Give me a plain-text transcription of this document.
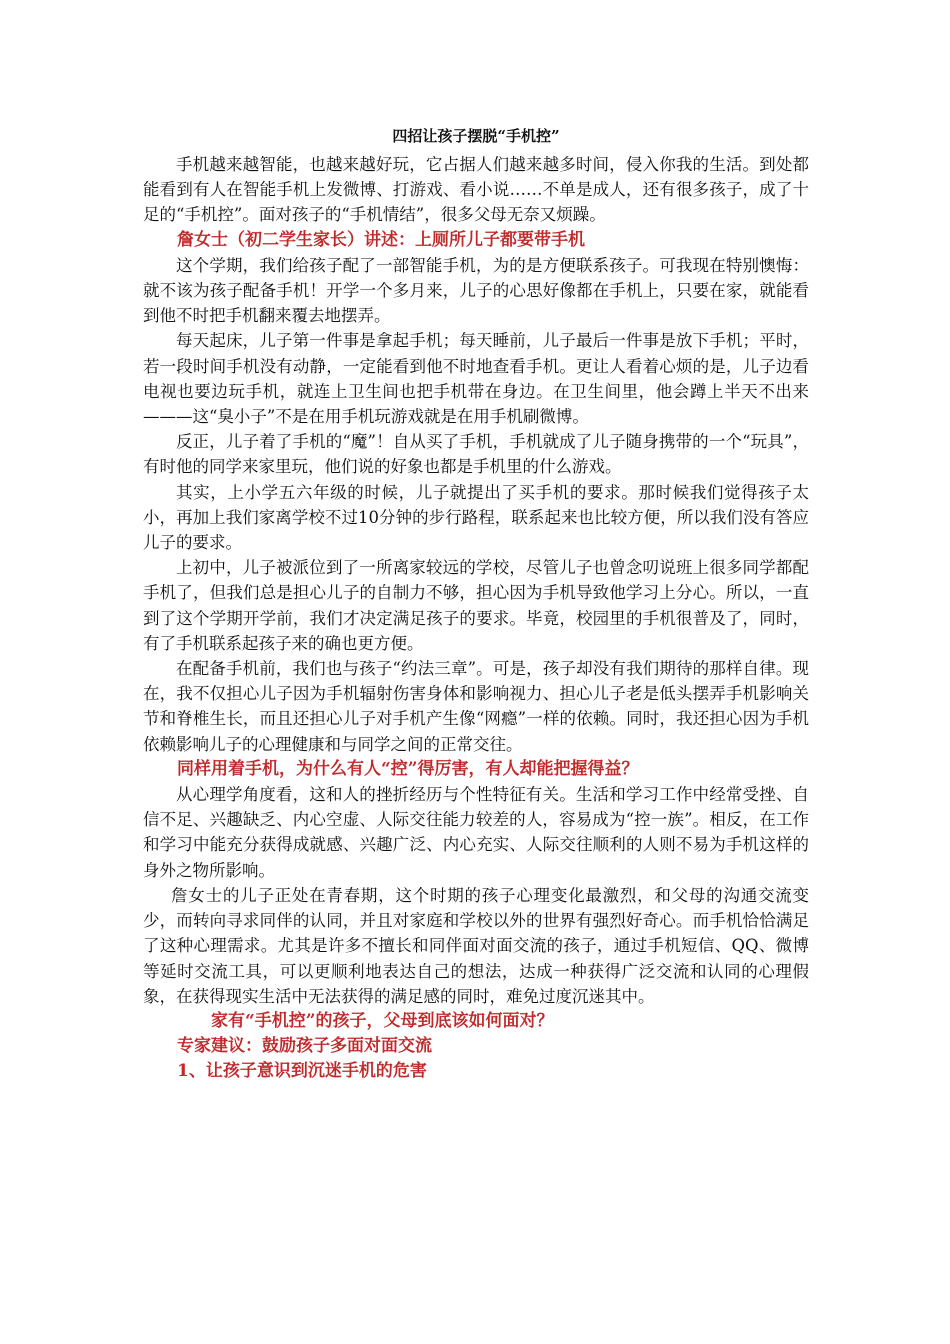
四招让孩子摆脱“手机控”

手机越来越智能，也越来越好玩，它占据人们越来越多时间，侵入你我的生活。到处都能看到有人在智能手机上发微博、打游戏、看小说……不单是成人，还有很多孩子，成了十足的“手机控”。面对孩子的“手机情结”，很多父母无奈又烦躁。

詹女士（初二学生家长）讲述：上厕所儿子都要带手机

这个学期，我们给孩子配了一部智能手机，为的是方便联系孩子。可我现在特别懊悔：就不该为孩子配备手机！开学一个多月来，儿子的心思好像都在手机上，只要在家，就能看到他不时把手机翻来覆去地摆弄。

每天起床，儿子第一件事是拿起手机；每天睡前，儿子最后一件事是放下手机；平时，若一段时间手机没有动静，一定能看到他不时地查看手机。更让人看着心烦的是，儿子边看电视也要边玩手机，就连上卫生间也把手机带在身边。在卫生间里，他会蹲上半天不出来———这“臭小子”不是在用手机玩游戏就是在用手机刷微博。

反正，儿子着了手机的“魔”！自从买了手机，手机就成了儿子随身携带的一个“玩具”，有时他的同学来家里玩，他们说的好象也都是手机里的什么游戏。

其实，上小学五六年级的时候，儿子就提出了买手机的要求。那时候我们觉得孩子太小，再加上我们家离学校不过10分钟的步行路程，联系起来也比较方便，所以我们没有答应儿子的要求。

上初中，儿子被派位到了一所离家较远的学校，尽管儿子也曾念叨说班上很多同学都配手机了，但我们总是担心儿子的自制力不够，担心因为手机导致他学习上分心。所以，一直到了这个学期开学前，我们才决定满足孩子的要求。毕竟，校园里的手机很普及了，同时，有了手机联系起孩子来的确也更方便。

在配备手机前，我们也与孩子“约法三章”。可是，孩子却没有我们期待的那样自律。现在，我不仅担心儿子因为手机辐射伤害身体和影响视力、担心儿子老是低头摆弄手机影响关节和脊椎生长，而且还担心儿子对手机产生像“网瘾”一样的依赖。同时，我还担心因为手机依赖影响儿子的心理健康和与同学之间的正常交往。

同样用着手机，为什么有人“控”得厉害，有人却能把握得益？

从心理学角度看，这和人的挫折经历与个性特征有关。生活和学习工作中经常受挫、自信不足、兴趣缺乏、内心空虚、人际交往能力较差的人，容易成为“控一族”。相反，在工作和学习中能充分获得成就感、兴趣广泛、内心充实、人际交往顺利的人则不易为手机这样的身外之物所影响。

詹女士的儿子正处在青春期，这个时期的孩子心理变化最激烈，和父母的沟通交流变少，而转向寻求同伴的认同，并且对家庭和学校以外的世界有强烈好奇心。而手机恰恰满足了这种心理需求。尤其是许多不擅长和同伴面对面交流的孩子，通过手机短信、QQ、微博等延时交流工具，可以更顺利地表达自己的想法，达成一种获得广泛交流和认同的心理假象，在获得现实生活中无法获得的满足感的同时，难免过度沉迷其中。

家有“手机控”的孩子，父母到底该如何面对？
专家建议：鼓励孩子多面对面交流
1、让孩子意识到沉迷手机的危害
